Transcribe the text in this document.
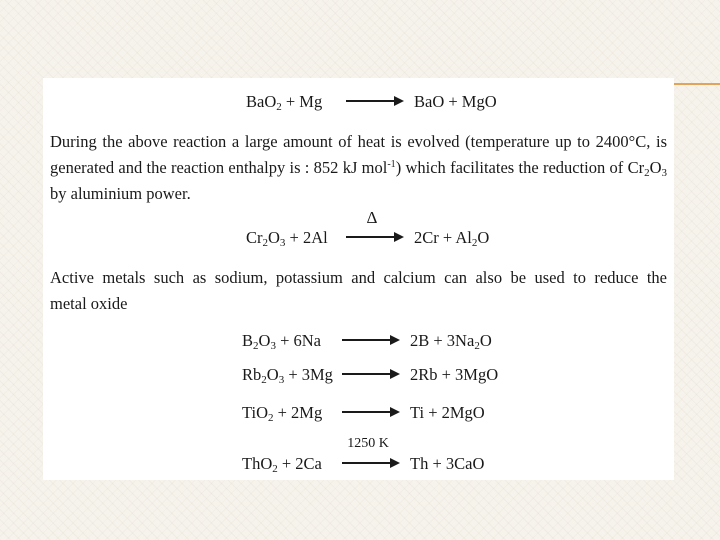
BaO$_2$ + Mg → BaO + MgO
During the above reaction a large amount of heat is evolved (temperature up to 2400°C, is
generated and the reaction enthalpy is : 852 kJ mol$^{-1}$) which facilitates the reduction of $Cr_2O_3$
by aluminium power.
$Cr_2O_3 + 2Al$
Δ
→ $2Cr + Al_2O$
Active metals such as sodium, potassium and calcium can also be used to reduce the
metal oxide
$B_2O_3 + 6Na \to 2B + 3Na_2O$
$Rb_2O_3 + 3Mg \to 2Rb + 3MgO$
TiO$_2$ + 2Mg → Ti + 2MgO
ThO$_2$ + 2Ca
1250 K
→ Th + 3CaO
